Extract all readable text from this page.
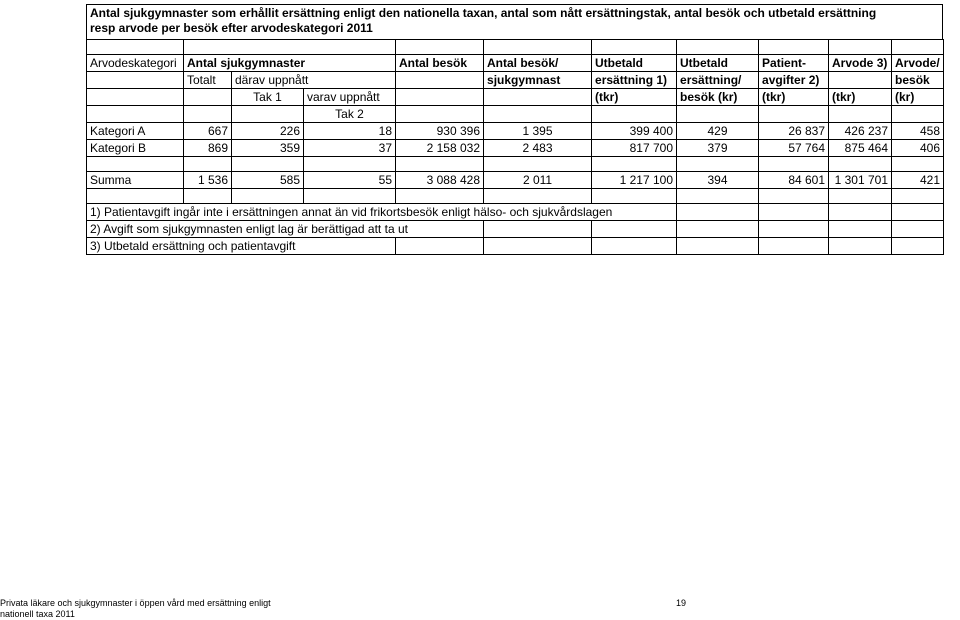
Antal sjukgymnaster som erhållit ersättning enligt den nationella taxan, antal som nått ersättningstak, antal besök och utbetald ersättning
resp arvode per besök efter arvodeskategori 2011

Arvodeskategori	Antal sjukgymnaster			Antal besök	Antal besök/	Utbetald	Utbetald	Patient-	Arvode 3)	Arvode/
	Totalt	därav uppnått			sjukgymnast	ersättning 1)	ersättning/	avgifter 2)		besök
		Tak 1	varav uppnått			(tkr)	besök (kr)	(tkr)	(tkr)	(kr)
			Tak 2							
Kategori A	667	226	18	930 396	1 395	399 400	429	26 837	426 237	458
Kategori B	869	359	37	2 158 032	2 483	817 700	379	57 764	875 464	406

Summa	1 536	585	55	3 088 428	2 011	1 217 100	394	84 601	1 301 701	421

1) Patientavgift ingår inte i ersättningen annat än vid frikortsbesök enligt hälso- och sjukvårdslagen										
2) Avgift som sjukgymnasten enligt lag är berättigad att ta ut										
3) Utbetald ersättning och patientavgift										
Privata läkare och sjukgymnaster i öppen vård med ersättning enligt
nationell taxa 2011
19
